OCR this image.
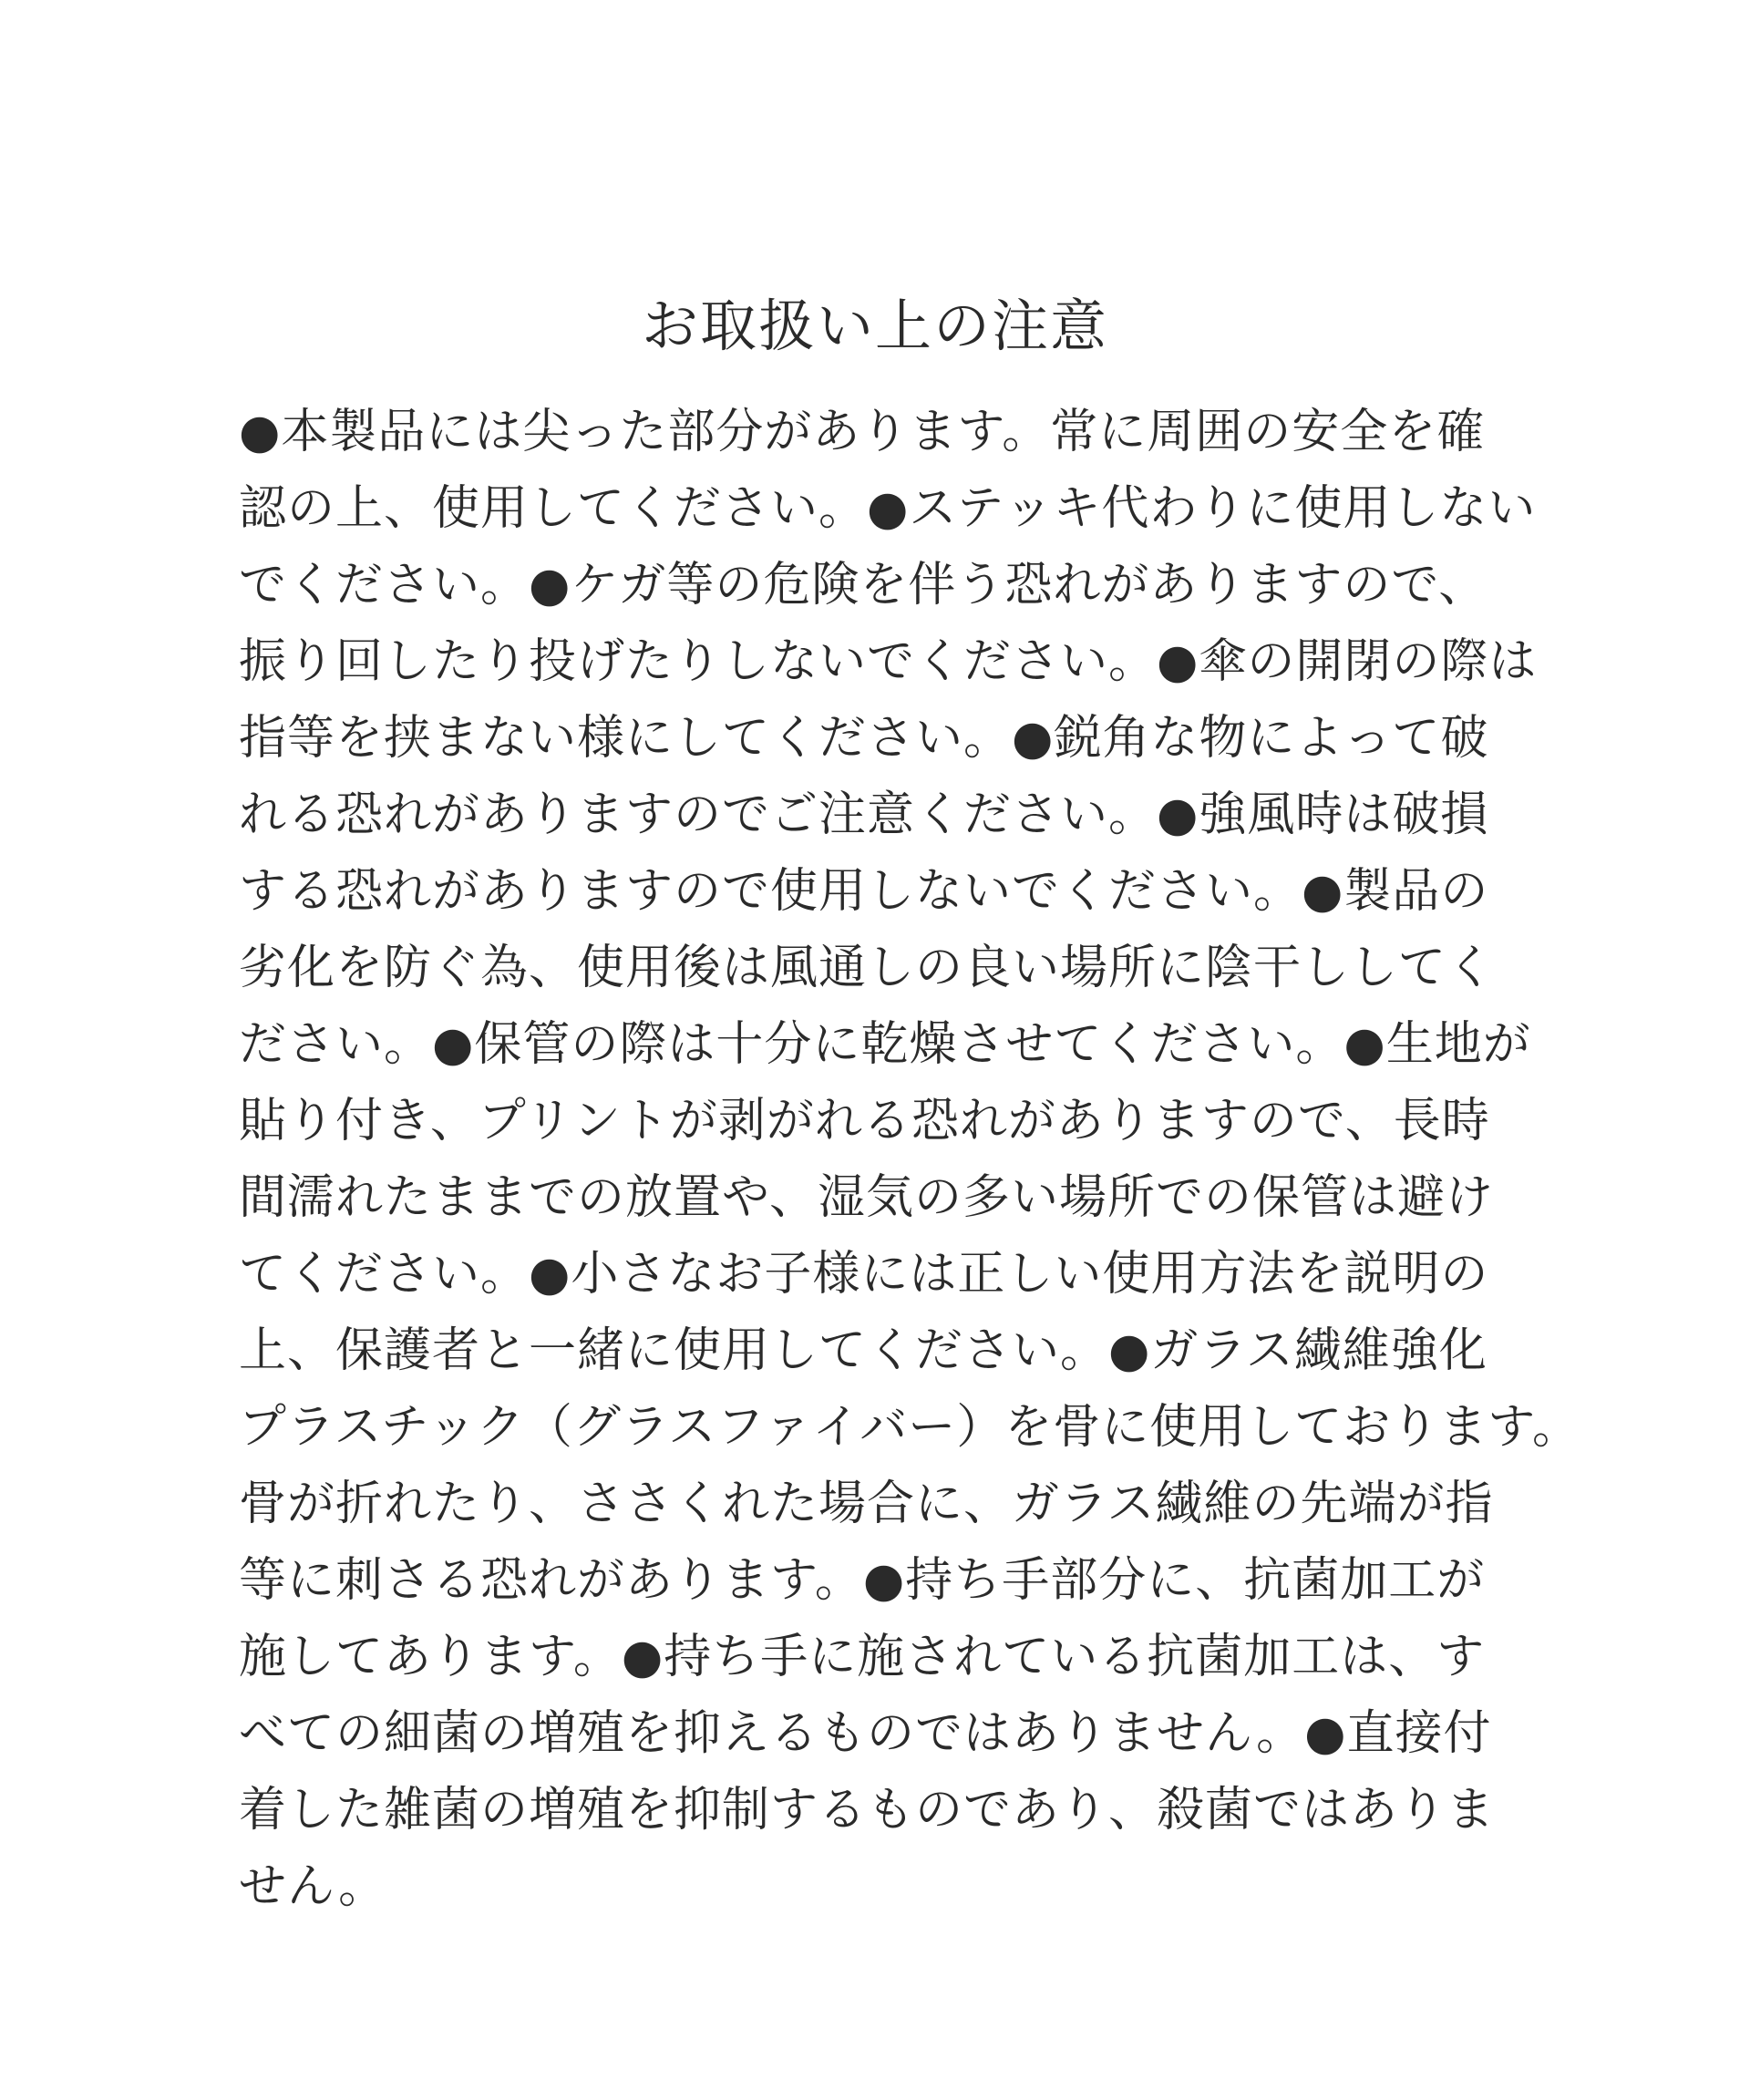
お取扱い上の注意
●本製品には尖った部分があります。常に周囲の安全を確
認の上、使用してください。●ステッキ代わりに使用しない
でください。●ケガ等の危険を伴う恐れがありますので、
振り回したり投げたりしないでください。●傘の開閉の際は
指等を挟まない様にしてください。●鋭角な物によって破
れる恐れがありますのでご注意ください。●強風時は破損
する恐れがありますので使用しないでください。●製品の
劣化を防ぐ為、使用後は風通しの良い場所に陰干ししてく
ださい。●保管の際は十分に乾燥させてください。●生地が
貼り付き、プリントが剥がれる恐れがありますので、長時
間濡れたままでの放置や、湿気の多い場所での保管は避け
てください。●小さなお子様には正しい使用方法を説明の
上、保護者と一緒に使用してください。●ガラス繊維強化
プラスチック（グラスファイバー）を骨に使用しております。
骨が折れたり、ささくれた場合に、ガラス繊維の先端が指
等に刺さる恐れがあります。●持ち手部分に、抗菌加工が
施してあります。●持ち手に施されている抗菌加工は、す
べての細菌の増殖を抑えるものではありません。●直接付
着した雑菌の増殖を抑制するものであり、殺菌ではありま
せん。
